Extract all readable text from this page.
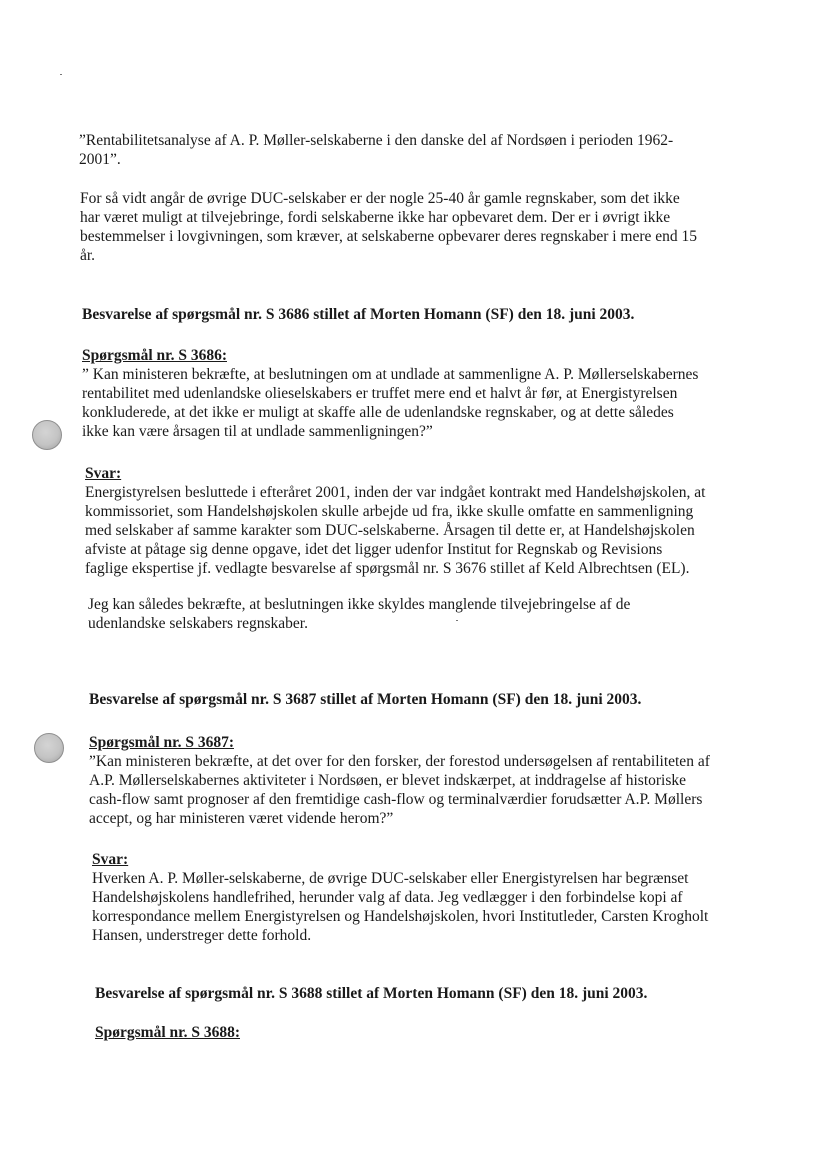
”Rentabilitetsanalyse af A. P. Møller-selskaberne i den danske del af Nordsøen i perioden 1962-
2001”.
For så vidt angår de øvrige DUC-selskaber er der nogle 25-40 år gamle regnskaber, som det ikke
har været muligt at tilvejebringe, fordi selskaberne ikke har opbevaret dem. Der er i øvrigt ikke
bestemmelser i lovgivningen, som kræver, at selskaberne opbevarer deres regnskaber i mere end 15
år.
Besvarelse af spørgsmål nr. S 3686 stillet af Morten Homann (SF) den 18. juni 2003.
Spørgsmål nr. S 3686:
” Kan ministeren bekræfte, at beslutningen om at undlade at sammenligne A. P. Møllerselskabernes
rentabilitet med udenlandske olieselskabers er truffet mere end et halvt år før, at Energistyrelsen
konkluderede, at det ikke er muligt at skaffe alle de udenlandske regnskaber, og at dette således
ikke kan være årsagen til at undlade sammenligningen?”
Svar:
Energistyrelsen besluttede i efteråret 2001, inden der var indgået kontrakt med Handelshøjskolen, at
kommissoriet, som Handelshøjskolen skulle arbejde ud fra, ikke skulle omfatte en sammenligning
med selskaber af samme karakter som DUC-selskaberne. Årsagen til dette er, at Handelshøjskolen
afviste at påtage sig denne opgave, idet det ligger udenfor Institut for Regnskab og Revisions
faglige ekspertise jf. vedlagte besvarelse af spørgsmål nr. S 3676 stillet af Keld Albrechtsen (EL).
Jeg kan således bekræfte, at beslutningen ikke skyldes manglende tilvejebringelse af de
udenlandske selskabers regnskaber.
Besvarelse af spørgsmål nr. S 3687 stillet af Morten Homann (SF) den 18. juni 2003.
Spørgsmål nr. S 3687:
”Kan ministeren bekræfte, at det over for den forsker, der forestod undersøgelsen af rentabiliteten af
A.P. Møllerselskabernes aktiviteter i Nordsøen, er blevet indskærpet, at inddragelse af historiske
cash-flow samt prognoser af den fremtidige cash-flow og terminalværdier forudsætter A.P. Møllers
accept, og har ministeren været vidende herom?”
Svar:
Hverken A. P. Møller-selskaberne, de øvrige DUC-selskaber eller Energistyrelsen har begrænset
Handelshøjskolens handlefrihed, herunder valg af data. Jeg vedlægger i den forbindelse kopi af
korrespondance mellem Energistyrelsen og Handelshøjskolen, hvori Institutleder, Carsten Krogholt
Hansen, understreger dette forhold.
Besvarelse af spørgsmål nr. S 3688 stillet af Morten Homann (SF) den 18. juni 2003.
Spørgsmål nr. S 3688:
